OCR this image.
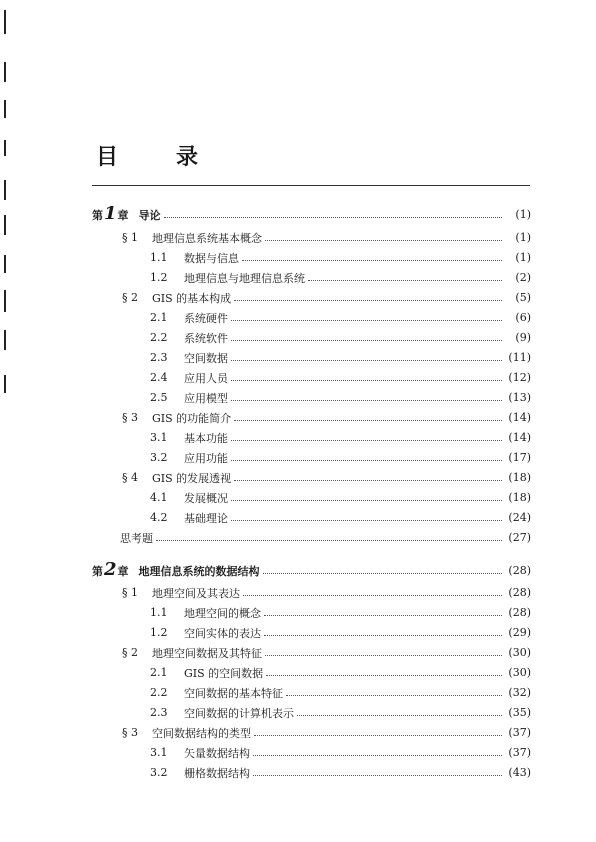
目	录
第 1 章 导论	(1)
§ 1	地理信息系统基本概念	(1)
1.1	数据与信息	(1)
1.2	地理信息与地理信息系统	(2)
§ 2	GIS 的基本构成	(5)
2.1	系统硬件	(6)
2.2	系统软件	(9)
2.3	空间数据	(11)
2.4	应用人员	(12)
2.5	应用模型	(13)
§ 3	GIS 的功能简介	(14)
3.1	基本功能	(14)
3.2	应用功能	(17)
§ 4	GIS 的发展透视	(18)
4.1	发展概况	(18)
4.2	基础理论	(24)
思考题	(27)
第 2 章 地理信息系统的数据结构	(28)
§ 1	地理空间及其表达	(28)
1.1	地理空间的概念	(28)
1.2	空间实体的表达	(29)
§ 2	地理空间数据及其特征	(30)
2.1	GIS 的空间数据	(30)
2.2	空间数据的基本特征	(32)
2.3	空间数据的计算机表示	(35)
§ 3	空间数据结构的类型	(37)
3.1	矢量数据结构	(37)
3.2	栅格数据结构	(43)
